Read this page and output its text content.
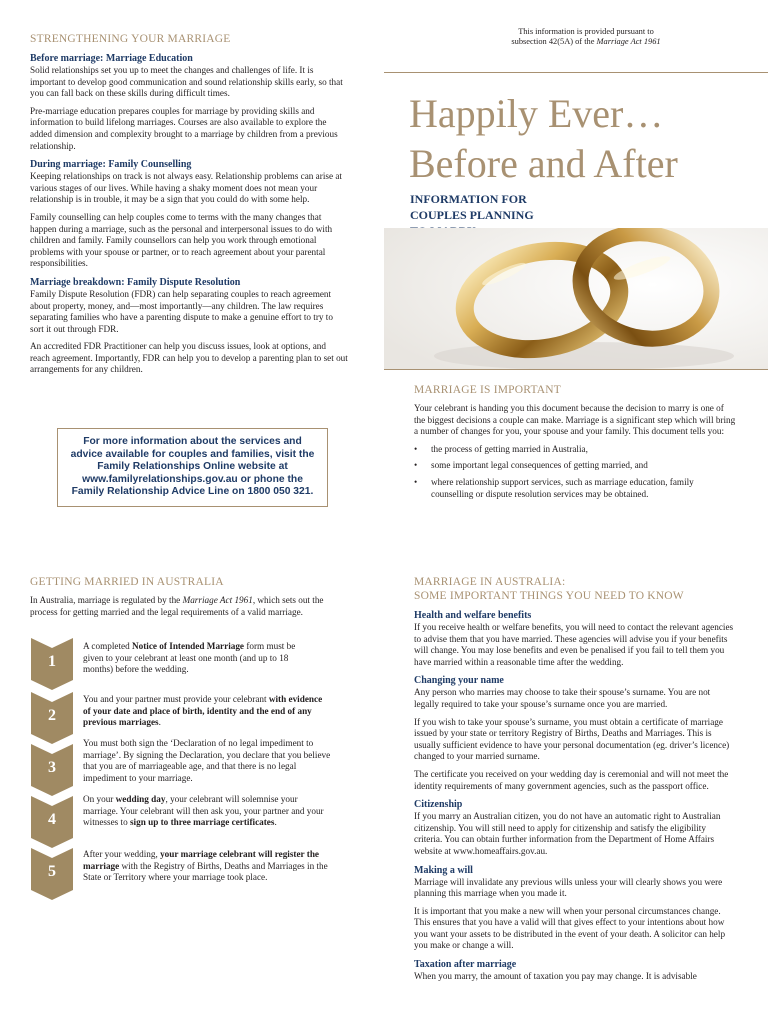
STRENGTHENING YOUR MARRIAGE
Before marriage: Marriage Education

Solid relationships set you up to meet the changes and challenges of life. It is important to develop good communication and sound relationship skills early, so that you can fall back on these skills during difficult times.

Pre-marriage education prepares couples for marriage by providing skills and information to build lifelong marriages. Courses are also available to explore the added dimension and complexity brought to a marriage by children from a previous relationship.

During marriage: Family Counselling

Keeping relationships on track is not always easy. Relationship problems can arise at various stages of our lives. While having a shaky moment does not mean your relationship is in trouble, it may be a sign that you could do with some help.

Family counselling can help couples come to terms with the many changes that happen during a marriage, such as the personal and interpersonal issues to do with children and family. Family counsellors can help you work through emotional problems with your spouse or partner, or to reach agreement about your parental responsibilities.

Marriage breakdown: Family Dispute Resolution

Family Dispute Resolution (FDR) can help separating couples to reach agreement about property, money, and—most importantly—any children. The law requires separating families who have a parenting dispute to make a genuine effort to try to sort it out through FDR.

An accredited FDR Practitioner can help you discuss issues, look at options, and reach agreement. Importantly, FDR can help you to develop a parenting plan to set out arrangements for any children.

For more information about the services and
advice available for couples and families, visit the
Family Relationships Online website at
www.familyrelationships.gov.au or phone the
Family Relationship Advice Line on 1800 050 321.
This information is provided pursuant to
subsection 42(5A) of the Marriage Act 1961
Happily Ever…
Before and After
INFORMATION FOR
COUPLES PLANNING
MARRIAGE IS IMPORTANT

Your celebrant is handing you this document because the decision to marry is one of the biggest decisions a couple can make. Marriage is a significant step which will bring a number of changes for you, your spouse and your family. This document tells you:

• the process of getting married in Australia,
• some important legal consequences of getting married, and
• where relationship support services, such as marriage education, family counselling or dispute resolution services may be obtained.
GETTING MARRIED IN AUSTRALIA

In Australia, marriage is regulated by the Marriage Act 1961, which sets out the process for getting married and the legal requirements of a valid marriage.

1
A completed Notice of Intended Marriage form must be given to your celebrant at least one month (and up to 18 months) before the wedding.
2
You and your partner must provide your celebrant with evidence of your date and place of birth, identity and the end of any previous marriages.
3
You must both sign the ‘Declaration of no legal impediment to marriage’. By signing the Declaration, you declare that you believe that you are of marriageable age, and that there is no legal impediment to your marriage.
4
On your wedding day, your celebrant will solemnise your marriage. Your celebrant will then ask you, your partner and your witnesses to sign up to three marriage certificates.
5
After your wedding, your marriage celebrant will register the marriage with the Registry of Births, Deaths and Marriages in the State or Territory where your marriage took place.
MARRIAGE IN AUSTRALIA:
SOME IMPORTANT THINGS YOU NEED TO KNOW
Health and welfare benefits

If you receive health or welfare benefits, you will need to contact the relevant agencies to advise them that you have married. These agencies will advise you if your benefits will change. You may lose benefits and even be penalised if you fail to tell them you have married within a reasonable time after the wedding.

Changing your name

Any person who marries may choose to take their spouse’s surname. You are not legally required to take your spouse’s surname once you are married.

If you wish to take your spouse’s surname, you must obtain a certificate of marriage issued by your state or territory Registry of Births, Deaths and Marriages. This is usually sufficient evidence to have your personal documentation (eg. driver’s licence) changed to your married surname.

The certificate you received on your wedding day is ceremonial and will not meet the identity requirements of many government agencies, such as the passport office.

Citizenship

If you marry an Australian citizen, you do not have an automatic right to Australian citizenship. You will still need to apply for citizenship and satisfy the eligibility criteria. You can obtain further information from the Department of Home Affairs website at www.homeaffairs.gov.au.

Making a will

Marriage will invalidate any previous wills unless your will clearly shows you were planning this marriage when you made it.

It is important that you make a new will when your personal circumstances change. This ensures that you have a valid will that gives effect to your intentions about how you want your assets to be distributed in the event of your death. A solicitor can help you make or change a will.

Taxation after marriage

When you marry, the amount of taxation you pay may change. It is advisable
